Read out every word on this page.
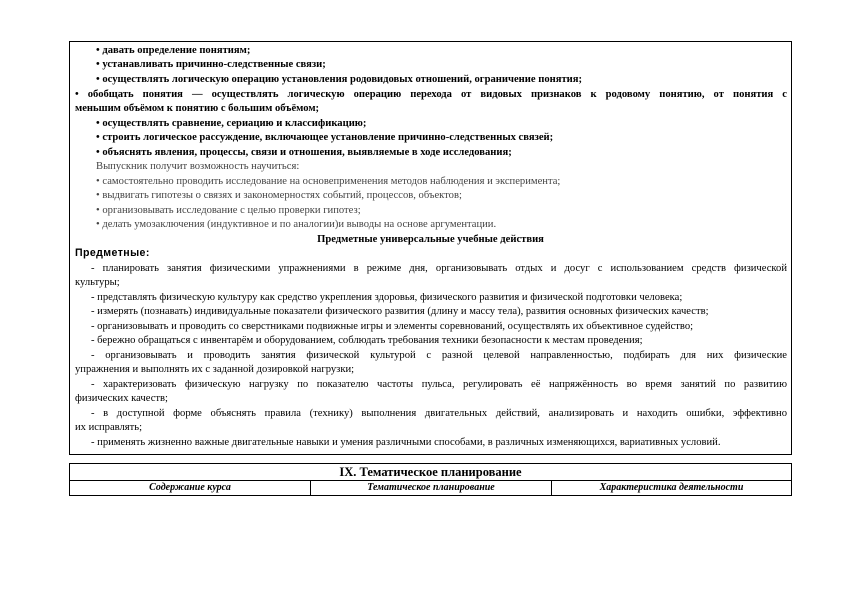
• давать определение понятиям;
• устанавливать причинно-следственные связи;
• осуществлять логическую операцию установления родовидовых отношений, ограничение понятия;
• обобщать понятия — осуществлять логическую операцию перехода от видовых признаков к родовому понятию, от понятия с
меньшим объёмом к понятию с большим объёмом;
• осуществлять сравнение, сериацию и классификацию;
• строить логическое рассуждение, включающее установление причинно-следственных связей;
• объяснять явления, процессы, связи и отношения, выявляемые в ходе исследования;
Выпускник получит возможность научиться:
• самостоятельно проводить исследование на основеприменения методов наблюдения и эксперимента;
• выдвигать гипотезы о связях и закономерностях событий, процессов, объектов;
• организовывать исследование с целью проверки гипотез;
• делать умозаключения (индуктивное и по аналогии)и выводы на основе аргументации.
Предметные универсальные учебные действия
Предметные:
- планировать занятия физическими упражнениями в режиме дня, организовывать отдых и досуг с использованием средств физической
культуры;
- представлять физическую культуру как средство укрепления здоровья, физического развития и физической подготовки человека;
- измерять (познавать) индивидуальные показатели физического развития (длину и массу тела), развития основных физических качеств;
- организовывать и проводить со сверстниками подвижные игры и элементы соревнований, осуществлять их объективное судейство;
- бережно обращаться с инвентарём и оборудованием, соблюдать требования техники безопасности к местам проведения;
- организовывать и проводить занятия физической культурой с разной целевой направленностью, подбирать для них физические
упражнения и выполнять их с заданной дозировкой нагрузки;
- характеризовать физическую нагрузку по показателю частоты пульса, регулировать её напряжённость во время занятий по развитию
физических качеств;
- в доступной форме объяснять правила (технику) выполнения двигательных действий, анализировать и находить ошибки, эффективно
их исправлять;
- применять жизненно важные двигательные навыки и умения различными способами, в различных изменяющихся, вариативных условий.
IX. Тематическое планирование
Содержание курса	Тематическое планирование	Характеристика деятельности
